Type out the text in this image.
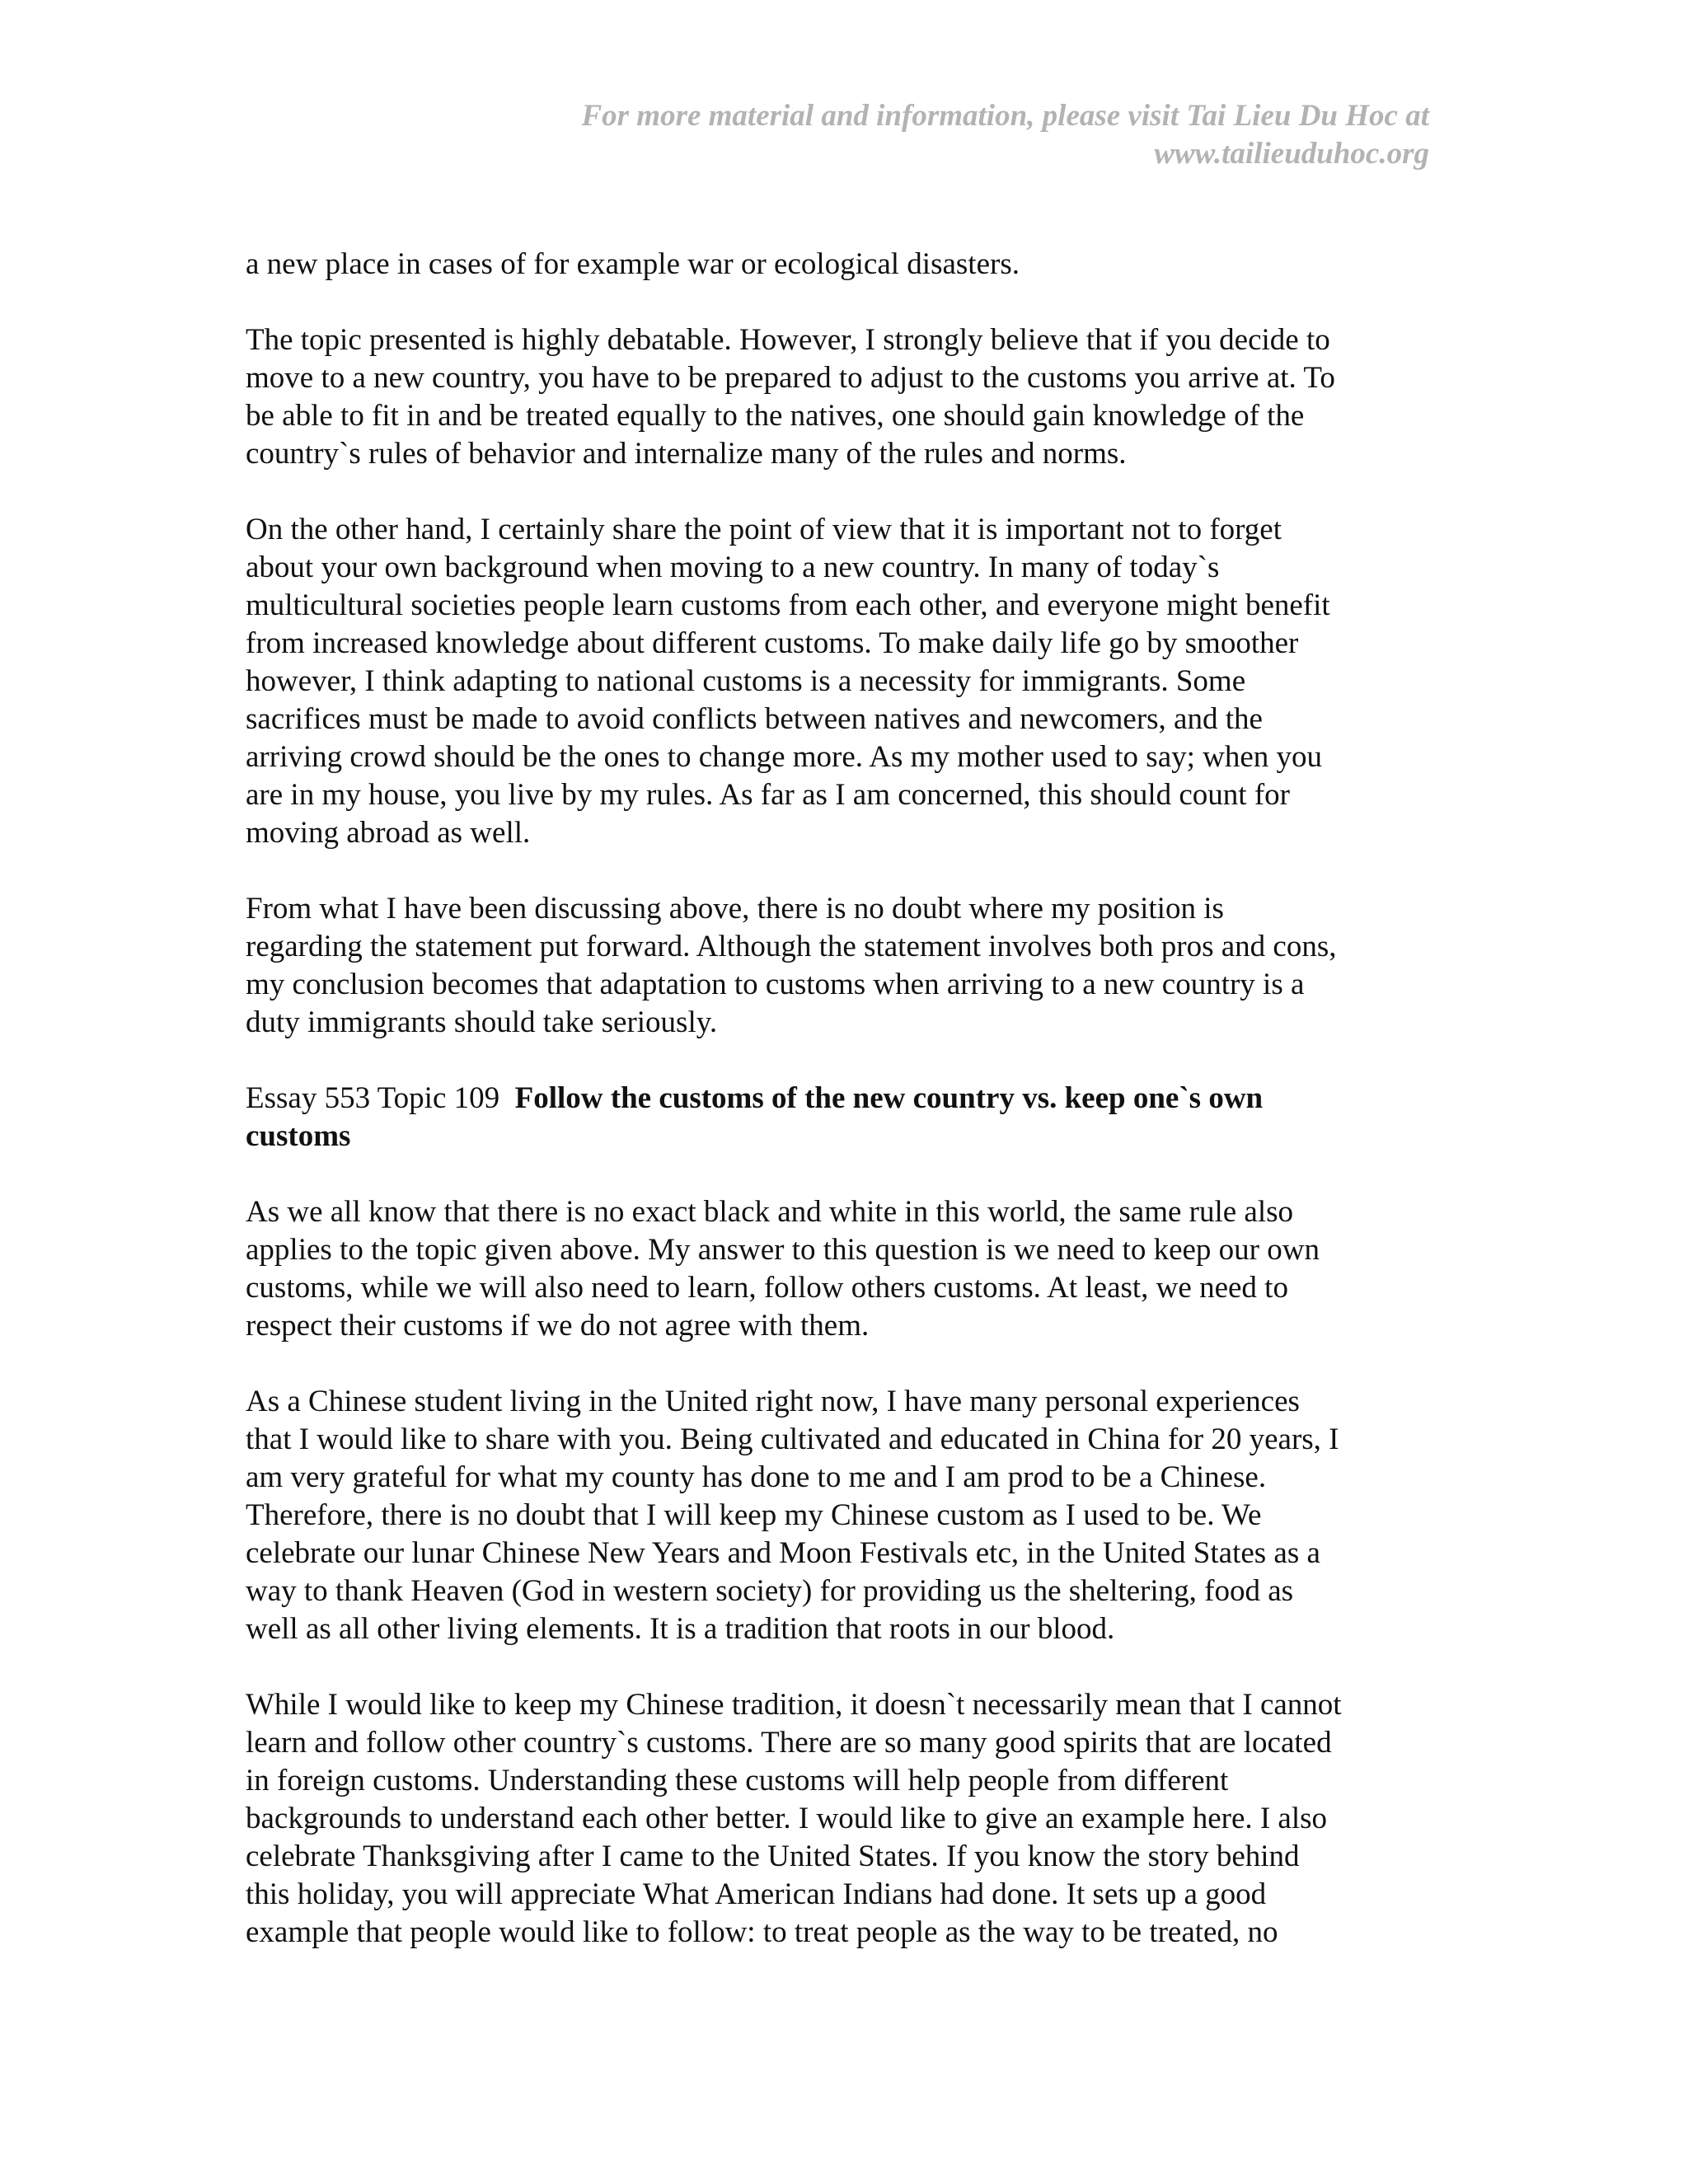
For more material and information, please visit Tai Lieu Du Hoc at
www.tailieuduhoc.org

a new place in cases of for example war or ecological disasters.

The topic presented is highly debatable. However, I strongly believe that if you decide to
move to a new country, you have to be prepared to adjust to the customs you arrive at. To
be able to fit in and be treated equally to the natives, one should gain knowledge of the
country`s rules of behavior and internalize many of the rules and norms.

On the other hand, I certainly share the point of view that it is important not to forget
about your own background when moving to a new country. In many of today`s
multicultural societies people learn customs from each other, and everyone might benefit
from increased knowledge about different customs. To make daily life go by smoother
however, I think adapting to national customs is a necessity for immigrants. Some
sacrifices must be made to avoid conflicts between natives and newcomers, and the
arriving crowd should be the ones to change more. As my mother used to say; when you
are in my house, you live by my rules. As far as I am concerned, this should count for
moving abroad as well.

From what I have been discussing above, there is no doubt where my position is
regarding the statement put forward. Although the statement involves both pros and cons,
my conclusion becomes that adaptation to customs when arriving to a new country is a
duty immigrants should take seriously.

Essay 553 Topic 109 Follow the customs of the new country vs. keep one`s own
customs

As we all know that there is no exact black and white in this world, the same rule also
applies to the topic given above. My answer to this question is we need to keep our own
customs, while we will also need to learn, follow others customs. At least, we need to
respect their customs if we do not agree with them.

As a Chinese student living in the United right now, I have many personal experiences
that I would like to share with you. Being cultivated and educated in China for 20 years, I
am very grateful for what my county has done to me and I am prod to be a Chinese.
Therefore, there is no doubt that I will keep my Chinese custom as I used to be. We
celebrate our lunar Chinese New Years and Moon Festivals etc, in the United States as a
way to thank Heaven (God in western society) for providing us the sheltering, food as
well as all other living elements. It is a tradition that roots in our blood.

While I would like to keep my Chinese tradition, it doesn`t necessarily mean that I cannot
learn and follow other country`s customs. There are so many good spirits that are located
in foreign customs. Understanding these customs will help people from different
backgrounds to understand each other better. I would like to give an example here. I also
celebrate Thanksgiving after I came to the United States. If you know the story behind
this holiday, you will appreciate What American Indians had done. It sets up a good
example that people would like to follow: to treat people as the way to be treated, no
